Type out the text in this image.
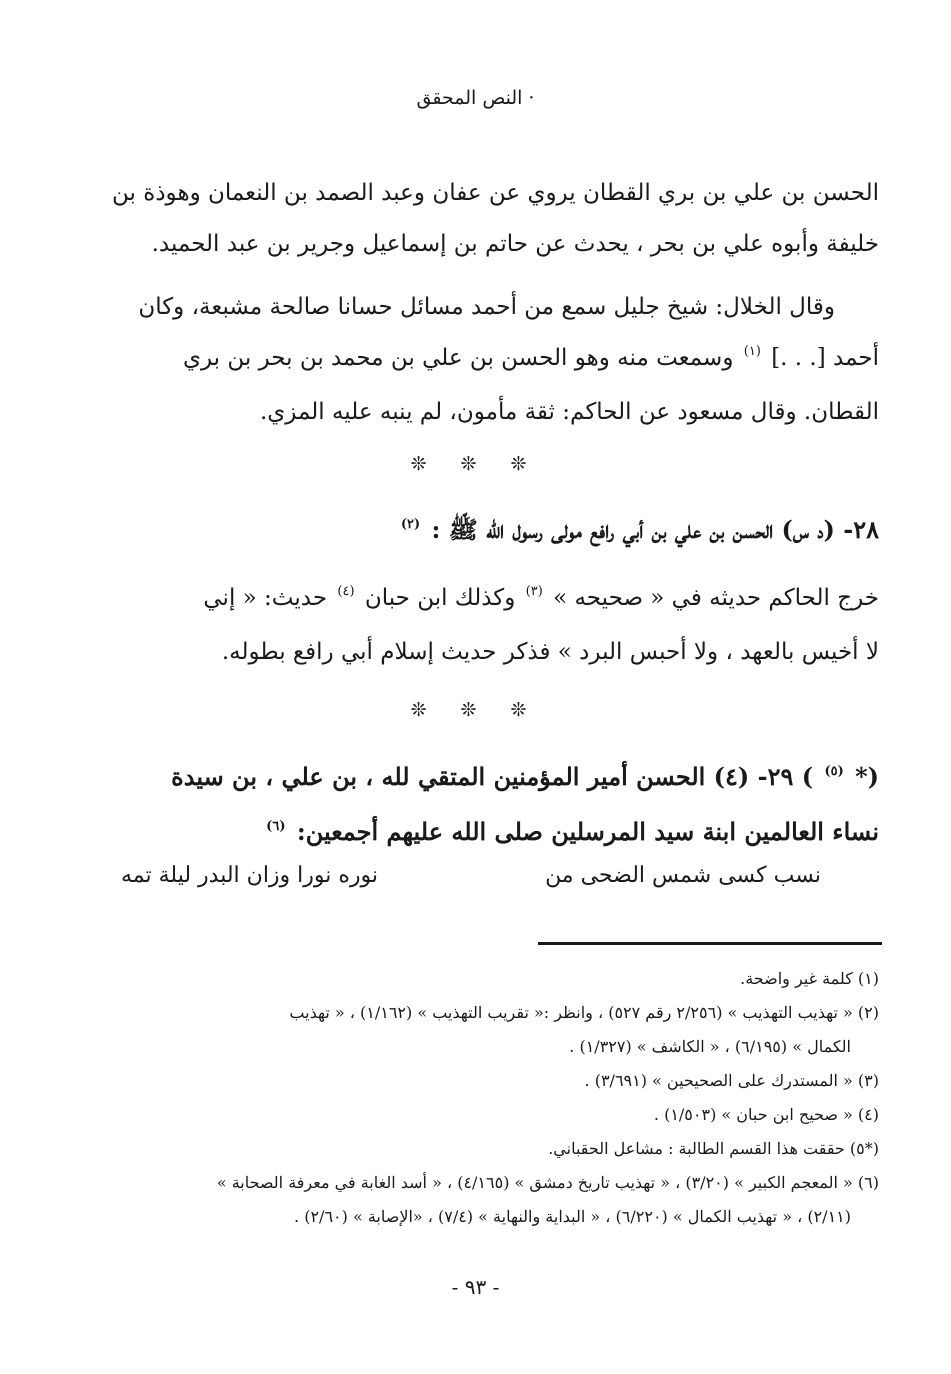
· النص المحقق
الحسن بن علي بن بري القطان يروي عن عفان وعبد الصمد بن النعمان وهوذة بن
خليفة وأبوه علي بن بحر ، يحدث عن حاتم بن إسماعيل وجرير بن عبد الحميد.
وقال الخلال: شيخ جليل سمع من أحمد مسائل حسانا صالحة مشبعة، وكان
أحمد [. . .] $^{(١)}$ وسمعت منه وهو الحسن بن علي بن محمد بن بحر بن بري
القطان. وقال مسعود عن الحاكم: ثقة مأمون، لم ينبه عليه المزي.
❊ ❊ ❊
٢٨- (د س) الحسن بن علي بن أبي رافع مولى رسول الله ﷺ : $^{(٢)}$
خرج الحاكم حديثه في « صحيحه » $^{(٣)}$ وكذلك ابن حبان $^{(٤)}$ حديث: « إني
لا أخيس بالعهد ، ولا أحبس البرد » فذكر حديث إسلام أبي رافع بطوله.
❊ ❊ ❊
(* $^{(٥)}$ ) ٢٩- (٤) الحسن أمير المؤمنين المتقي لله ، بن علي ، بن سيدة
نساء العالمين ابنة سيد المرسلين صلى الله عليهم أجمعين: $^{(٦)}$
نسب كسى شمس الضحى من
نوره نورا وزان البدر ليلة تمه

(١) كلمة غير واضحة.

(٢) « تهذيب التهذيب » (٢/٢٥٦ رقم ٥٢٧) ، وانظر :« تقريب التهذيب » (١/١٦٢) ، « تهذيب

الكمال » (٦/١٩٥) ، « الكاشف » (١/٣٢٧) .

(٣) « المستدرك على الصحيحين » (٣/٦٩١) .

(٤) « صحيح ابن حبان » (١/٥٠٣) .

(*٥) حققت هذا القسم الطالبة : مشاعل الحقباني.

(٦) « المعجم الكبير » (٣/٢٠) ، « تهذيب تاريخ دمشق » (٤/١٦٥) ، « أسد الغابة في معرفة الصحابة »

(٢/١١) ، « تهذيب الكمال » (٦/٢٢٠) ، « البداية والنهاية » (٧/٤) ، «الإصابة » (٢/٦٠) .

- ٩٣ -
